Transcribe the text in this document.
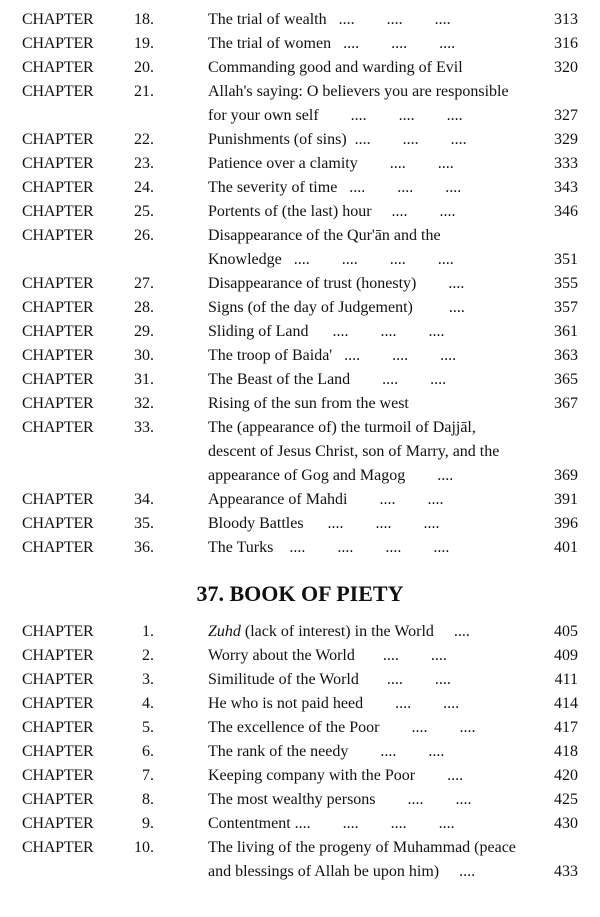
CHAPTER	18.	The trial of wealth   ....        ....        ....	313
CHAPTER	19.	The trial of women   ....        ....        ....	316
CHAPTER	20.	Commanding good and warding of Evil	320
CHAPTER	21.	Allah's saying: O believers you are responsible
for your own self        ....        ....        ....	327
CHAPTER	22.	Punishments (of sins)  ....        ....        ....	329
CHAPTER	23.	Patience over a clamity        ....        ....	333
CHAPTER	24.	The severity of time   ....        ....        ....	343
CHAPTER	25.	Portents of (the last) hour     ....        ....	346
CHAPTER	26.	Disappearance of the Qur'ān and the
Knowledge   ....        ....        ....        ....	351
CHAPTER	27.	Disappearance of trust (honesty)        ....	355
CHAPTER	28.	Signs (of the day of Judgement)         ....	357
CHAPTER	29.	Sliding of Land      ....        ....        ....	361
CHAPTER	30.	The troop of Baida'   ....        ....        ....	363
CHAPTER	31.	The Beast of the Land        ....        ....	365
CHAPTER	32.	Rising of the sun from the west	367
CHAPTER	33.	The (appearance of) the turmoil of Dajjāl,
descent of Jesus Christ, son of Marry, and the
appearance of Gog and Magog        ....	369
CHAPTER	34.	Appearance of Mahdi        ....        ....	391
CHAPTER	35.	Bloody Battles      ....        ....        ....	396
CHAPTER	36.	The Turks    ....        ....        ....        ....	401
37. BOOK OF PIETY
CHAPTER	1.	Zuhd (lack of interest) in the World     ....	405
CHAPTER	2.	Worry about the World       ....        ....	409
CHAPTER	3.	Similitude of the World       ....        ....	411
CHAPTER	4.	He who is not paid heed        ....        ....	414
CHAPTER	5.	The excellence of the Poor        ....        ....	417
CHAPTER	6.	The rank of the needy        ....        ....	418
CHAPTER	7.	Keeping company with the Poor        ....	420
CHAPTER	8.	The most wealthy persons        ....        ....	425
CHAPTER	9.	Contentment ....        ....        ....        ....	430
CHAPTER	10.	The living of the progeny of Muhammad (peace
and blessings of Allah be upon him)     ....	433
